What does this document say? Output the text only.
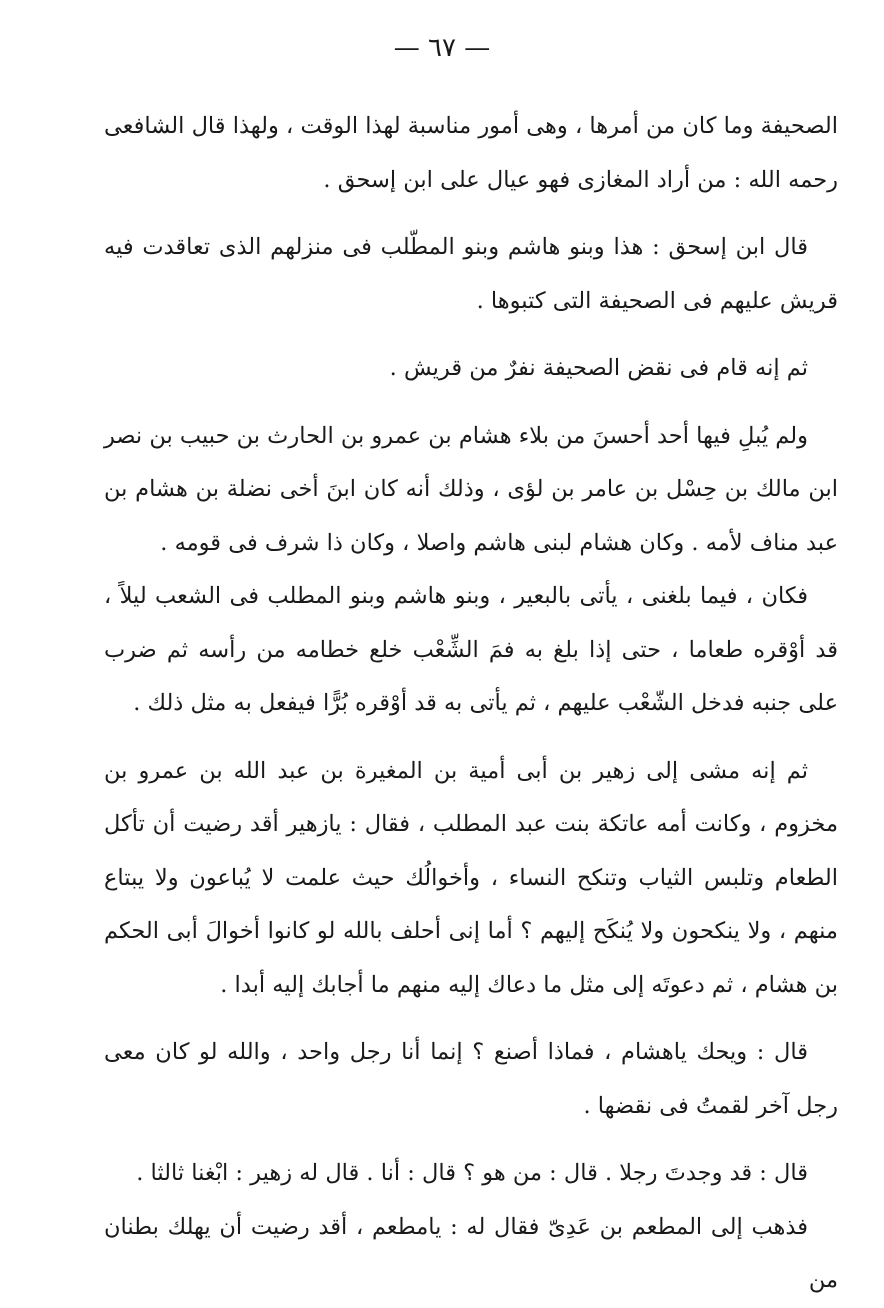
— ٦٧ —

الصحيفة وما كان من أمرها ، وهى أمور مناسبة لهذا الوقت ، ولهذا قال الشافعى رحمه الله : من أراد المغازى فهو عيال على ابن إسحق .

قال ابن إسحق : هذا وبنو هاشم وبنو المطّلب فى منزلهم الذى تعاقدت فيه قريش عليهم فى الصحيفة التى كتبوها .

ثم إنه قام فى نقض الصحيفة نفرٌ من قريش .

ولم يُبلِ فيها أحد أحسنَ من بلاء هشام بن عمرو بن الحارث بن حبيب بن نصر ابن مالك بن حِسْل بن عامر بن لؤى ، وذلك أنه كان ابنَ أخى نضلة بن هشام بن عبد مناف لأمه . وكان هشام لبنى هاشم واصلا ، وكان ذا شرف فى قومه .

فكان ، فيما بلغنى ، يأتى بالبعير ، وبنو هاشم وبنو المطلب فى الشعب ليلاً ، قد أوْقره طعاما ، حتى إذا بلغ به فمَ الشِّعْب خلع خطامه من رأسه ثم ضرب على جنبه فدخل الشّعْب عليهم ، ثم يأتى به قد أوْقره بُرًّا فيفعل به مثل ذلك .

ثم إنه مشى إلى زهير بن أبى أمية بن المغيرة بن عبد الله بن عمرو بن مخزوم ، وكانت أمه عاتكة بنت عبد المطلب ، فقال : يازهير أقد رضيت أن تأكل الطعام وتلبس الثياب وتنكح النساء ، وأخوالُك حيث علمت لا يُباعون ولا يبتاع منهم ، ولا ينكحون ولا يُنكَح إليهم ؟ أما إنى أحلف بالله لو كانوا أخوالَ أبى الحكم بن هشام ، ثم دعوتَه إلى مثل ما دعاك إليه منهم ما أجابك إليه أبدا .

قال : ويحك ياهشام ، فماذا أصنع ؟ إنما أنا رجل واحد ، والله لو كان معى رجل آخر لقمتُ فى نقضها .

قال : قد وجدتَ رجلا . قال : من هو ؟ قال : أنا . قال له زهير : ابْغنا ثالثا .

فذهب إلى المطعم بن عَدِىّ فقال له : يامطعم ، أقد رضيت أن يهلك بطنان من
